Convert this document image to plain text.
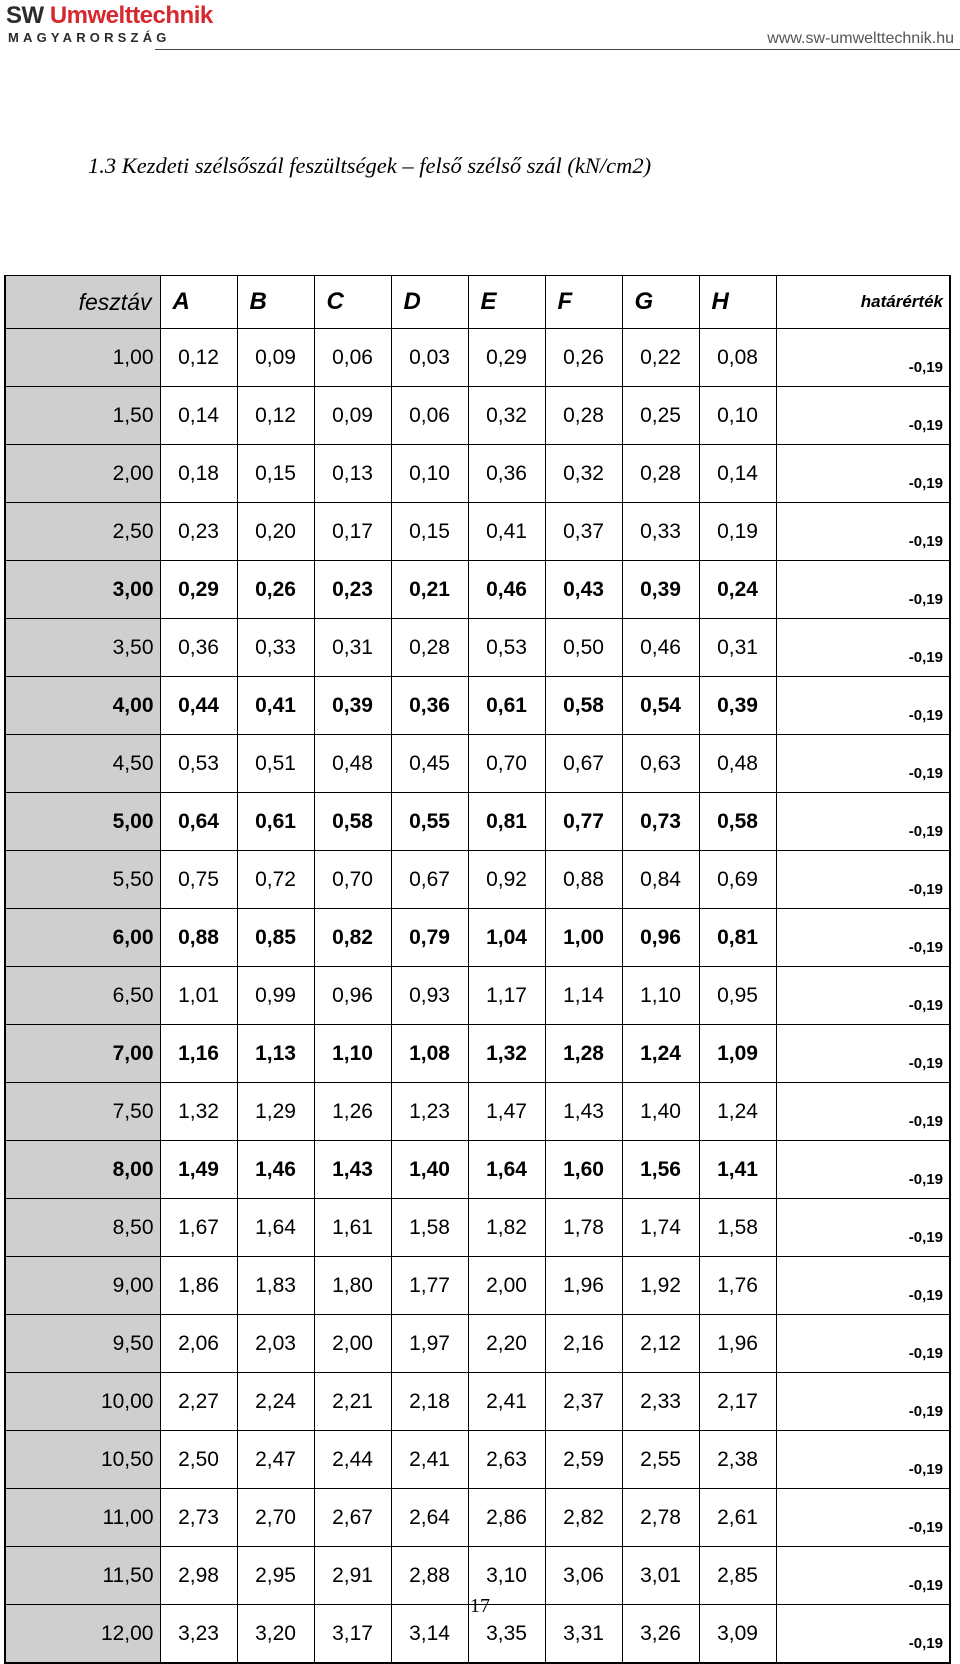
SW Umwelttechnik
MAGYARORSZÁG	www.sw-umwelttechnik.hu
1.3 Kezdeti szélsőszál feszültségek – felső szélső szál (kN/cm2)
fesztáv	A	B	C	D	E	F	G	H	határérték
1,00	0,12	0,09	0,06	0,03	0,29	0,26	0,22	0,08	-0,19
1,50	0,14	0,12	0,09	0,06	0,32	0,28	0,25	0,10	-0,19
2,00	0,18	0,15	0,13	0,10	0,36	0,32	0,28	0,14	-0,19
2,50	0,23	0,20	0,17	0,15	0,41	0,37	0,33	0,19	-0,19
3,00	0,29	0,26	0,23	0,21	0,46	0,43	0,39	0,24	-0,19
3,50	0,36	0,33	0,31	0,28	0,53	0,50	0,46	0,31	-0,19
4,00	0,44	0,41	0,39	0,36	0,61	0,58	0,54	0,39	-0,19
4,50	0,53	0,51	0,48	0,45	0,70	0,67	0,63	0,48	-0,19
5,00	0,64	0,61	0,58	0,55	0,81	0,77	0,73	0,58	-0,19
5,50	0,75	0,72	0,70	0,67	0,92	0,88	0,84	0,69	-0,19
6,00	0,88	0,85	0,82	0,79	1,04	1,00	0,96	0,81	-0,19
6,50	1,01	0,99	0,96	0,93	1,17	1,14	1,10	0,95	-0,19
7,00	1,16	1,13	1,10	1,08	1,32	1,28	1,24	1,09	-0,19
7,50	1,32	1,29	1,26	1,23	1,47	1,43	1,40	1,24	-0,19
8,00	1,49	1,46	1,43	1,40	1,64	1,60	1,56	1,41	-0,19
8,50	1,67	1,64	1,61	1,58	1,82	1,78	1,74	1,58	-0,19
9,00	1,86	1,83	1,80	1,77	2,00	1,96	1,92	1,76	-0,19
9,50	2,06	2,03	2,00	1,97	2,20	2,16	2,12	1,96	-0,19
10,00	2,27	2,24	2,21	2,18	2,41	2,37	2,33	2,17	-0,19
10,50	2,50	2,47	2,44	2,41	2,63	2,59	2,55	2,38	-0,19
11,00	2,73	2,70	2,67	2,64	2,86	2,82	2,78	2,61	-0,19
11,50	2,98	2,95	2,91	2,88	3,10	3,06	3,01	2,85	-0,19
12,00	3,23	3,20	3,17	3,14	3,35	3,31	3,26	3,09	-0,19
17
